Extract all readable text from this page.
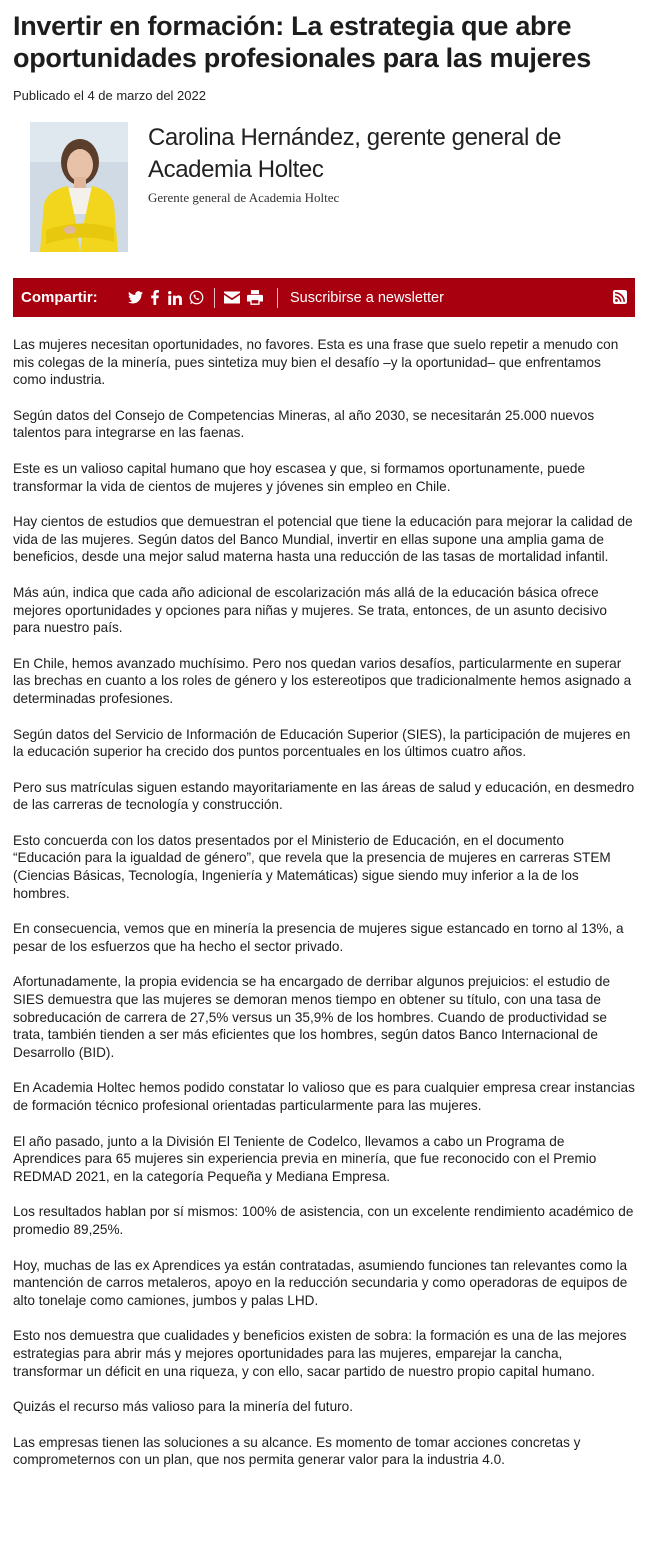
Invertir en formación: La estrategia que abre oportunidades profesionales para las mujeres
Publicado el 4 de marzo del 2022
Carolina Hernández, gerente general de Academia Holtec
Gerente general de Academia Holtec
Compartir:	Suscribirse a newsletter

Las mujeres necesitan oportunidades, no favores. Esta es una frase que suelo repetir a menudo con mis colegas de la minería, pues sintetiza muy bien el desafío –y la oportunidad– que enfrentamos como industria.

Según datos del Consejo de Competencias Mineras, al año 2030, se necesitarán 25.000 nuevos talentos para integrarse en las faenas.

Este es un valioso capital humano que hoy escasea y que, si formamos oportunamente, puede transformar la vida de cientos de mujeres y jóvenes sin empleo en Chile.

Hay cientos de estudios que demuestran el potencial que tiene la educación para mejorar la calidad de vida de las mujeres. Según datos del Banco Mundial, invertir en ellas supone una amplia gama de beneficios, desde una mejor salud materna hasta una reducción de las tasas de mortalidad infantil.

Más aún, indica que cada año adicional de escolarización más allá de la educación básica ofrece mejores oportunidades y opciones para niñas y mujeres. Se trata, entonces, de un asunto decisivo para nuestro país.

En Chile, hemos avanzado muchísimo. Pero nos quedan varios desafíos, particularmente en superar las brechas en cuanto a los roles de género y los estereotipos que tradicionalmente hemos asignado a determinadas profesiones.

Según datos del Servicio de Información de Educación Superior (SIES), la participación de mujeres en la educación superior ha crecido dos puntos porcentuales en los últimos cuatro años.

Pero sus matrículas siguen estando mayoritariamente en las áreas de salud y educación, en desmedro de las carreras de tecnología y construcción.

Esto concuerda con los datos presentados por el Ministerio de Educación, en el documento “Educación para la igualdad de género”, que revela que la presencia de mujeres en carreras STEM (Ciencias Básicas, Tecnología, Ingeniería y Matemáticas) sigue siendo muy inferior a la de los hombres.

En consecuencia, vemos que en minería la presencia de mujeres sigue estancado en torno al 13%, a pesar de los esfuerzos que ha hecho el sector privado.

Afortunadamente, la propia evidencia se ha encargado de derribar algunos prejuicios: el estudio de SIES demuestra que las mujeres se demoran menos tiempo en obtener su título, con una tasa de sobreducación de carrera de 27,5% versus un 35,9% de los hombres. Cuando de productividad se trata, también tienden a ser más eficientes que los hombres, según datos Banco Internacional de Desarrollo (BID).

En Academia Holtec hemos podido constatar lo valioso que es para cualquier empresa crear instancias de formación técnico profesional orientadas particularmente para las mujeres.

El año pasado, junto a la División El Teniente de Codelco, llevamos a cabo un Programa de Aprendices para 65 mujeres sin experiencia previa en minería, que fue reconocido con el Premio REDMAD 2021, en la categoría Pequeña y Mediana Empresa.

Los resultados hablan por sí mismos: 100% de asistencia, con un excelente rendimiento académico de promedio 89,25%.

Hoy, muchas de las ex Aprendices ya están contratadas, asumiendo funciones tan relevantes como la mantención de carros metaleros, apoyo en la reducción secundaria y como operadoras de equipos de alto tonelaje como camiones, jumbos y palas LHD.

Esto nos demuestra que cualidades y beneficios existen de sobra: la formación es una de las mejores estrategias para abrir más y mejores oportunidades para las mujeres, emparejar la cancha, transformar un déficit en una riqueza, y con ello, sacar partido de nuestro propio capital humano.

Quizás el recurso más valioso para la minería del futuro.

Las empresas tienen las soluciones a su alcance. Es momento de tomar acciones concretas y comprometernos con un plan, que nos permita generar valor para la industria 4.0.
